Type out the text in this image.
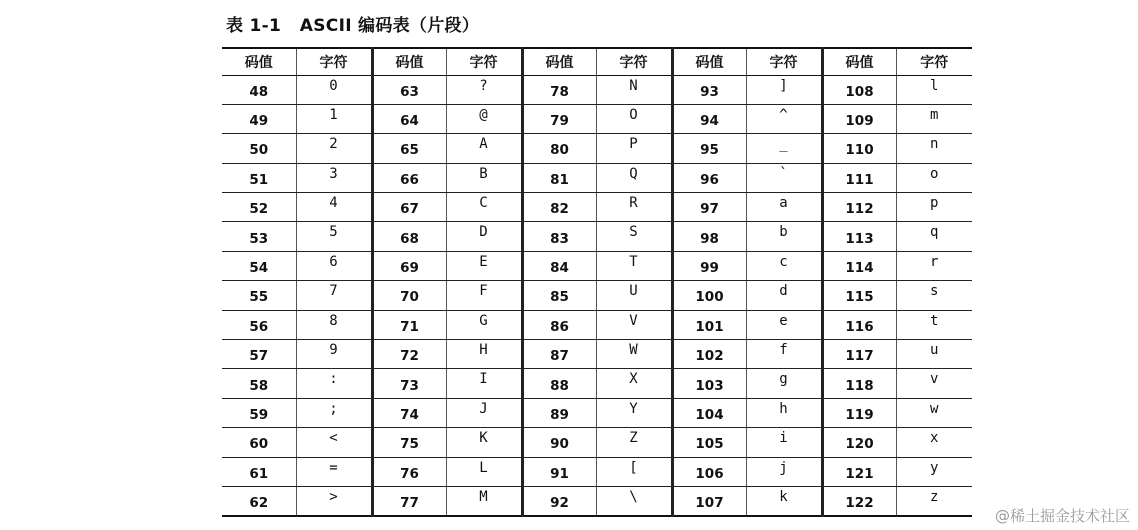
表 1-1   ASCII 编码表（片段）
码值	字符	码值	字符	码值	字符	码值	字符	码值	字符
48	0	63	?	78	N	93	]	108	l
49	1	64	@	79	O	94	^	109	m
50	2	65	A	80	P	95	_	110	n
51	3	66	B	81	Q	96	`	111	o
52	4	67	C	82	R	97	a	112	p
53	5	68	D	83	S	98	b	113	q
54	6	69	E	84	T	99	c	114	r
55	7	70	F	85	U	100	d	115	s
56	8	71	G	86	V	101	e	116	t
57	9	72	H	87	W	102	f	117	u
58	:	73	I	88	X	103	g	118	v
59	;	74	J	89	Y	104	h	119	w
60	<	75	K	90	Z	105	i	120	x
61	=	76	L	91	[	106	j	121	y
62	>	77	M	92	\	107	k	122	z
@稀土掘金技术社区
